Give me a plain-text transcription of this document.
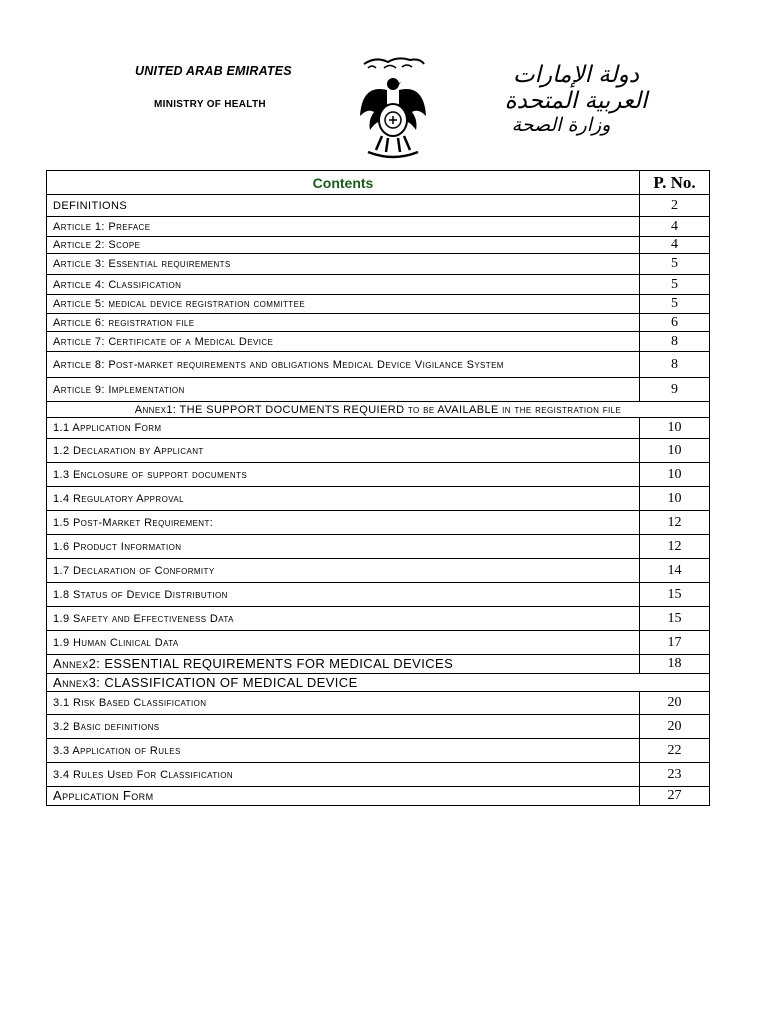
UNITED ARAB EMIRATES
MINISTRY OF HEALTH
دولة الإمارات العربية المتحدة
وزارة الصحة
Contents	P. No.
DEFINITIONS	2
Article 1: Preface	4
Article 2: Scope	4
Article 3: Essential requirements	5
Article 4: Classification	5
Article 5: medical device registration committee	5
Article 6: registration file	6
Article 7: Certificate of a Medical Device	8
Article 8: Post-market requirements and obligations Medical Device Vigilance System	8
Article 9: Implementation	9
Annex1: THE SUPPORT DOCUMENTS REQUIERD to be AVAILABLE in the registration file	
1.1 Application Form	10
1.2 Declaration by Applicant	10
1.3 Enclosure of support documents	10
1.4 Regulatory Approval	10
1.5 Post-Market Requirement:	12
1.6 Product Information	12
1.7 Declaration of Conformity	14
1.8 Status of Device Distribution	15
1.9 Safety and Effectiveness Data	15
1.9 Human Clinical Data	17
Annex2: ESSENTIAL REQUIREMENTS FOR MEDICAL DEVICES	18
Annex3: CLASSIFICATION OF MEDICAL DEVICE	
3.1 Risk Based Classification	20
3.2 Basic definitions	20
3.3 Application of Rules	22
3.4 Rules Used For Classification	23
Application Form	27
